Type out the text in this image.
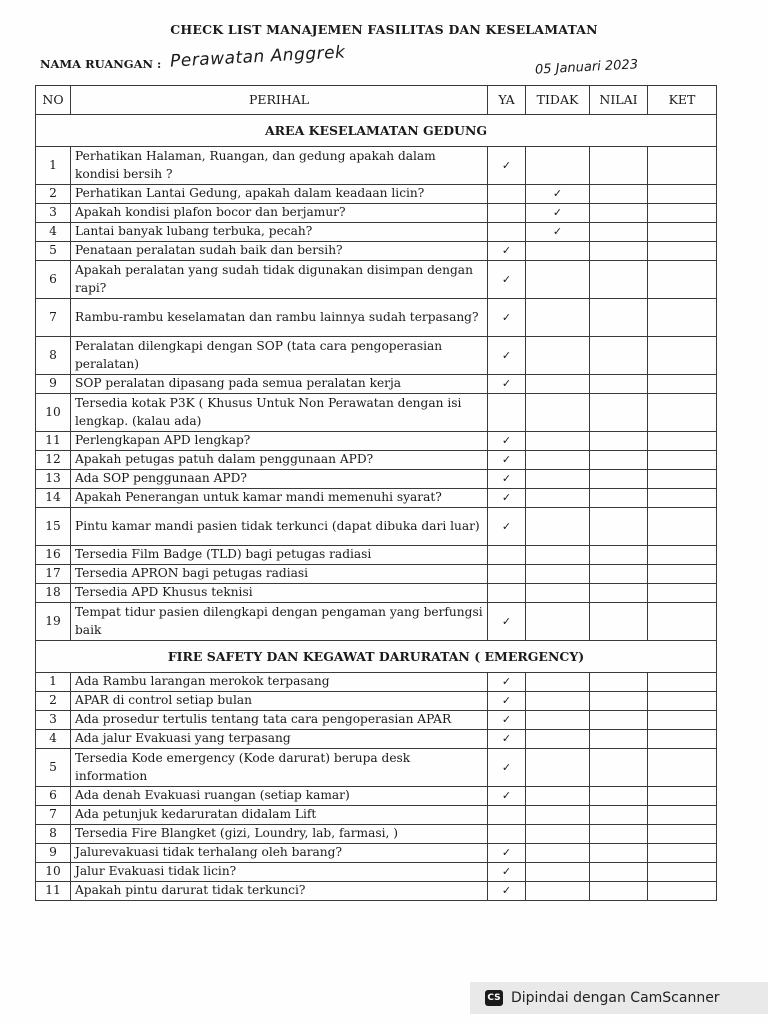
CHECK LIST MANAJEMEN FASILITAS DAN KESELAMATAN
NAMA RUANGAN : Perawatan Anggrek	05 Januari 2023
NO	PERIHAL	YA	TIDAK	NILAI	KET
AREA KESELAMATAN GEDUNG					
1	Perhatikan Halaman, Ruangan, dan gedung apakah dalam kondisi bersih ?	✓			
2	Perhatikan Lantai Gedung, apakah dalam keadaan licin?		✓		
3	Apakah kondisi plafon bocor dan berjamur?		✓		
4	Lantai banyak lubang terbuka, pecah?		✓		
5	Penataan peralatan sudah baik dan bersih?	✓			
6	Apakah peralatan yang sudah tidak digunakan disimpan dengan rapi?	✓			
7	Rambu-rambu keselamatan dan rambu lainnya sudah terpasang?	✓			
8	Peralatan dilengkapi dengan SOP (tata cara pengoperasian peralatan)	✓			
9	SOP peralatan dipasang pada semua peralatan kerja	✓			
10	Tersedia kotak P3K ( Khusus Untuk Non Perawatan dengan isi lengkap. (kalau ada)				
11	Perlengkapan APD lengkap?	✓			
12	Apakah petugas patuh dalam penggunaan APD?	✓			
13	Ada SOP penggunaan APD?	✓			
14	Apakah Penerangan untuk kamar mandi memenuhi syarat?	✓			
15	Pintu kamar mandi pasien tidak terkunci (dapat dibuka dari luar)	✓			
16	Tersedia Film Badge (TLD) bagi petugas radiasi				
17	Tersedia APRON bagi petugas radiasi				
18	Tersedia APD Khusus teknisi				
19	Tempat tidur pasien dilengkapi dengan pengaman yang berfungsi baik	✓			
FIRE SAFETY DAN KEGAWAT DARURATAN ( EMERGENCY)					
1	Ada Rambu larangan merokok terpasang	✓			
2	APAR di control setiap bulan	✓			
3	Ada prosedur tertulis tentang tata cara pengoperasian APAR	✓			
4	Ada jalur Evakuasi yang terpasang	✓			
5	Tersedia Kode emergency (Kode darurat) berupa desk information	✓			
6	Ada denah Evakuasi ruangan (setiap kamar)	✓			
7	Ada petunjuk kedaruratan didalam Lift				
8	Tersedia Fire Blangket (gizi, Loundry, lab, farmasi, )				
9	Jalurevakuasi tidak terhalang oleh barang?	✓			
10	Jalur Evakuasi tidak licin?	✓			
11	Apakah pintu darurat tidak terkunci?	✓			
CS Dipindai dengan CamScanner
